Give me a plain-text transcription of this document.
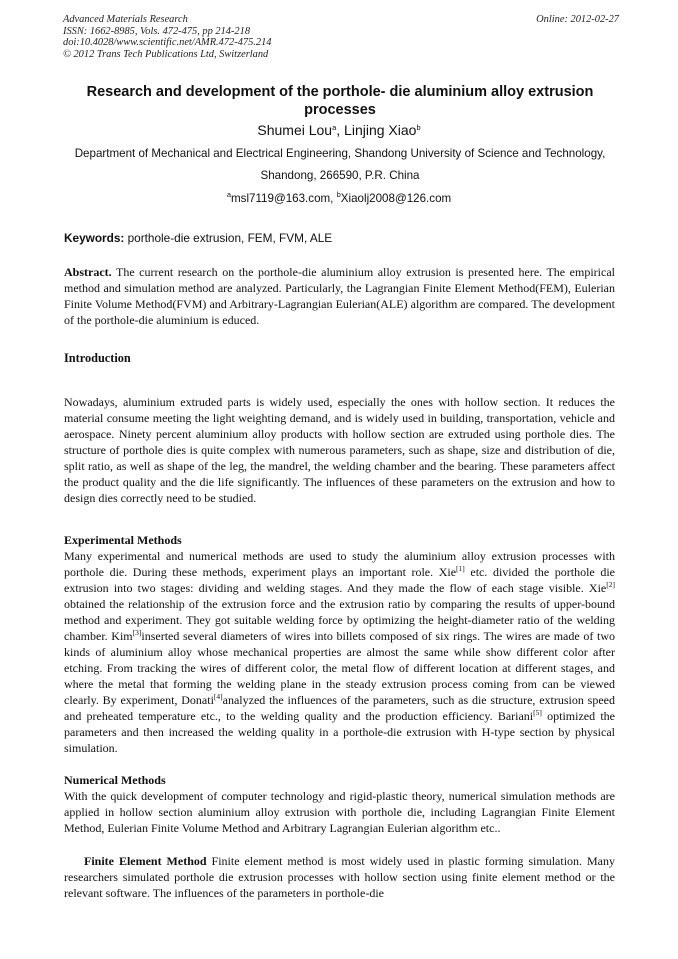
Advanced Materials Research
ISSN: 1662-8985, Vols. 472-475, pp 214-218
doi:10.4028/www.scientific.net/AMR.472-475.214
© 2012 Trans Tech Publications Ltd, Switzerland
Online: 2012-02-27
Research and development of the porthole- die aluminium alloy extrusion processes
Shumei Lou$^a$, Linjing Xiao$^b$
Department of Mechanical and Electrical Engineering, Shandong University of Science and Technology, Shandong, 266590, P.R. China
$^a$msl7119@163.com, $^b$Xiaolj2008@126.com
Keywords: porthole-die extrusion, FEM, FVM, ALE
Abstract. The current research on the porthole-die aluminium alloy extrusion is presented here. The empirical method and simulation method are analyzed. Particularly, the Lagrangian Finite Element Method(FEM), Eulerian Finite Volume Method(FVM) and Arbitrary-Lagrangian Eulerian(ALE) algorithm are compared. The development of the porthole-die aluminium is educed.
Introduction
Nowadays, aluminium extruded parts is widely used, especially the ones with hollow section. It reduces the material consume meeting the light weighting demand, and is widely used in building, transportation, vehicle and aerospace. Ninety percent aluminium alloy products with hollow section are extruded using porthole dies. The structure of porthole dies is quite complex with numerous parameters, such as shape, size and distribution of die, split ratio, as well as shape of the leg, the mandrel, the welding chamber and the bearing. These parameters affect the product quality and the die life significantly. The influences of these parameters on the extrusion and how to design dies correctly need to be studied.
Experimental Methods
Many experimental and numerical methods are used to study the aluminium alloy extrusion processes with porthole die. During these methods, experiment plays an important role. Xie[1] etc. divided the porthole die extrusion into two stages: dividing and welding stages. And they made the flow of each stage visible. Xie[2] obtained the relationship of the extrusion force and the extrusion ratio by comparing the results of upper-bound method and experiment. They got suitable welding force by optimizing the height-diameter ratio of the welding chamber. Kim[3]inserted several diameters of wires into billets composed of six rings. The wires are made of two kinds of aluminium alloy whose mechanical properties are almost the same while show different color after etching. From tracking the wires of different color, the metal flow of different location at different stages, and where the metal that forming the welding plane in the steady extrusion process coming from can be viewed clearly. By experiment, Donati[4]analyzed the influences of the parameters, such as die structure, extrusion speed and preheated temperature etc., to the welding quality and the production efficiency. Bariani[5] optimized the parameters and then increased the welding quality in a porthole-die extrusion with H-type section by physical simulation.
Numerical Methods
With the quick development of computer technology and rigid-plastic theory, numerical simulation methods are applied in hollow section aluminium alloy extrusion with porthole die, including Lagrangian Finite Element Method, Eulerian Finite Volume Method and Arbitrary Lagrangian Eulerian algorithm etc..
Finite Element Method Finite element method is most widely used in plastic forming simulation. Many researchers simulated porthole die extrusion processes with hollow section using finite element method or the relevant software. The influences of the parameters in porthole-die
